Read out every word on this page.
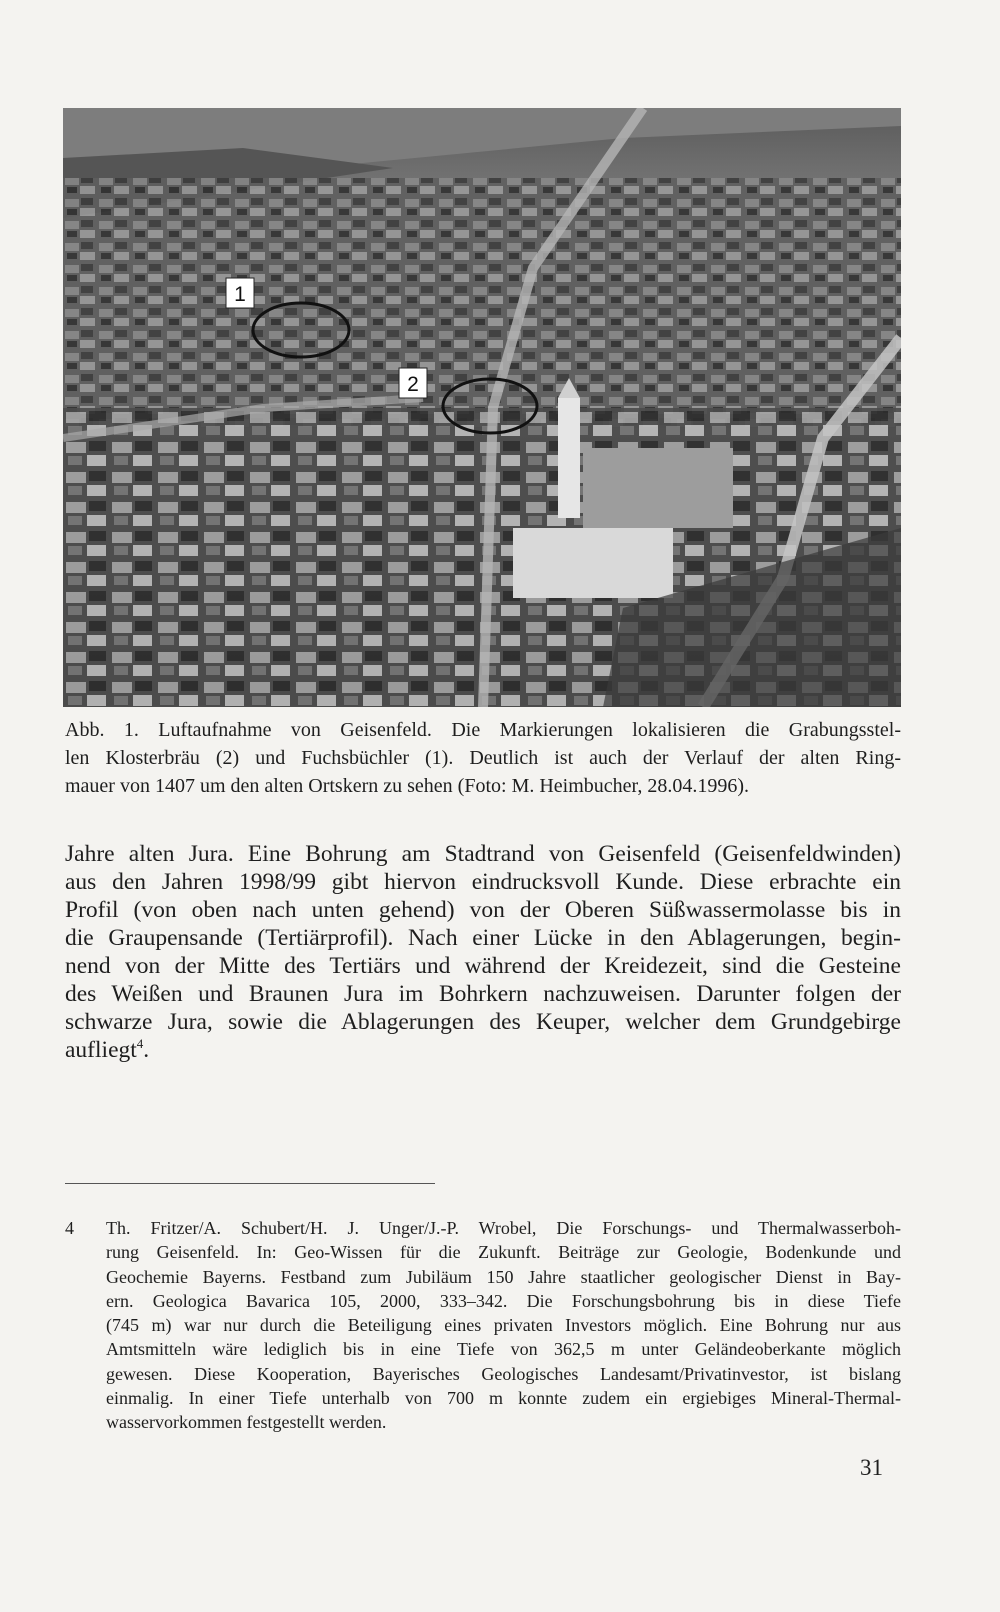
1
2
Abb. 1. Luftaufnahme von Geisenfeld. Die Markierungen lokalisieren die Grabungsstel-
len Klosterbräu (2) und Fuchsbüchler (1). Deutlich ist auch der Verlauf der alten Ring-
mauer von 1407 um den alten Ortskern zu sehen (Foto: M. Heimbucher, 28.04.1996).
Jahre alten Jura. Eine Bohrung am Stadtrand von Geisenfeld (Geisenfeldwinden)
aus den Jahren 1998/99 gibt hiervon eindrucksvoll Kunde. Diese erbrachte ein
Profil (von oben nach unten gehend) von der Oberen Süßwassermolasse bis in
die Graupensande (Tertiärprofil). Nach einer Lücke in den Ablagerungen, begin-
nend von der Mitte des Tertiärs und während der Kreidezeit, sind die Gesteine
des Weißen und Braunen Jura im Bohrkern nachzuweisen. Darunter folgen der
schwarze Jura, sowie die Ablagerungen des Keuper, welcher dem Grundgebirge
aufliegt$^4$.
4 Th. Fritzer/A. Schubert/H. J. Unger/J.-P. Wrobel, Die Forschungs- und Thermalwasserboh-
rung Geisenfeld. In: Geo-Wissen für die Zukunft. Beiträge zur Geologie, Bodenkunde und
Geochemie Bayerns. Festband zum Jubiläum 150 Jahre staatlicher geologischer Dienst in Bay-
ern. Geologica Bavarica 105, 2000, 333–342. Die Forschungsbohrung bis in diese Tiefe
(745 m) war nur durch die Beteiligung eines privaten Investors möglich. Eine Bohrung nur aus
Amtsmitteln wäre lediglich bis in eine Tiefe von 362,5 m unter Geländeoberkante möglich
gewesen. Diese Kooperation, Bayerisches Geologisches Landesamt/Privatinvestor, ist bislang
einmalig. In einer Tiefe unterhalb von 700 m konnte zudem ein ergiebiges Mineral-Thermal-
wasservorkommen festgestellt werden.
31
